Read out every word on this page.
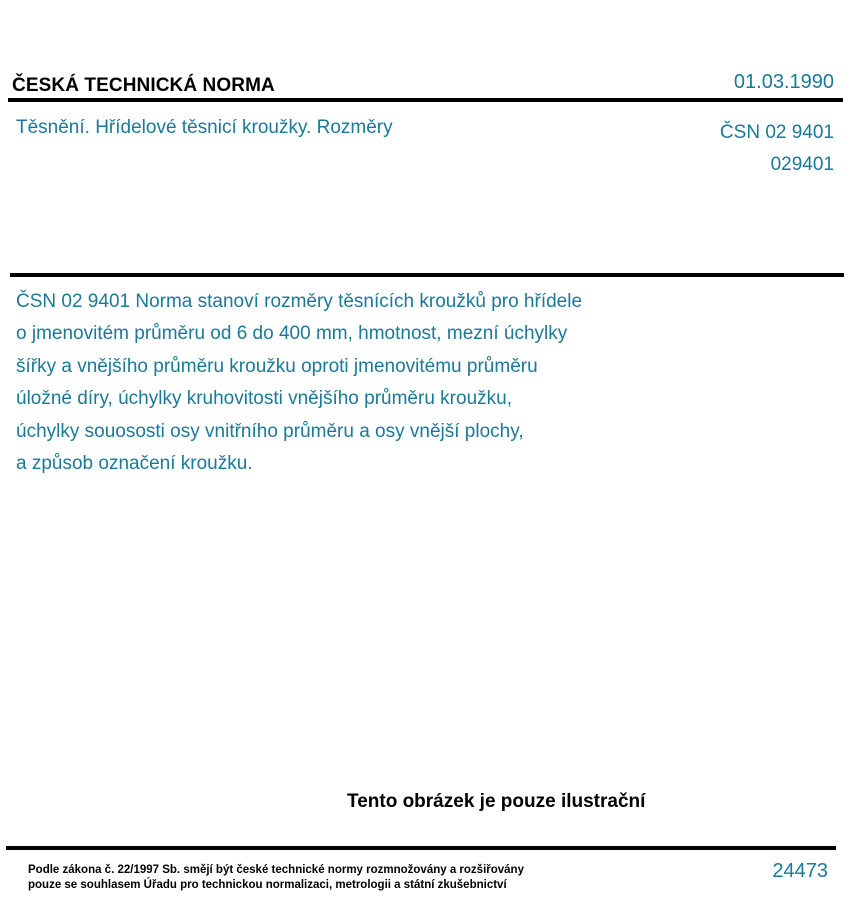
ČESKÁ TECHNICKÁ NORMA	01.03.1990
Těsnění. Hřídelové těsnicí kroužky. Rozměry	ČSN 02 9401
029401
ČSN 02 9401 Norma stanoví rozměry těsnících kroužků pro hřídele
o jmenovitém průměru od 6 do 400 mm, hmotnost, mezní úchylky
šířky a vnějšího průměru kroužku oproti jmenovitému průměru
úložné díry, úchylky kruhovitosti vnějšího průměru kroužku,
úchylky souososti osy vnitřního průměru a osy vnější plochy,
a způsob označení kroužku.
Tento obrázek je pouze ilustrační
Podle zákona č. 22/1997 Sb. smějí být české technické normy rozmnožovány a rozšiřovány
pouze se souhlasem Úřadu pro technickou normalizaci, metrologii a státní zkušebnictví
24473
